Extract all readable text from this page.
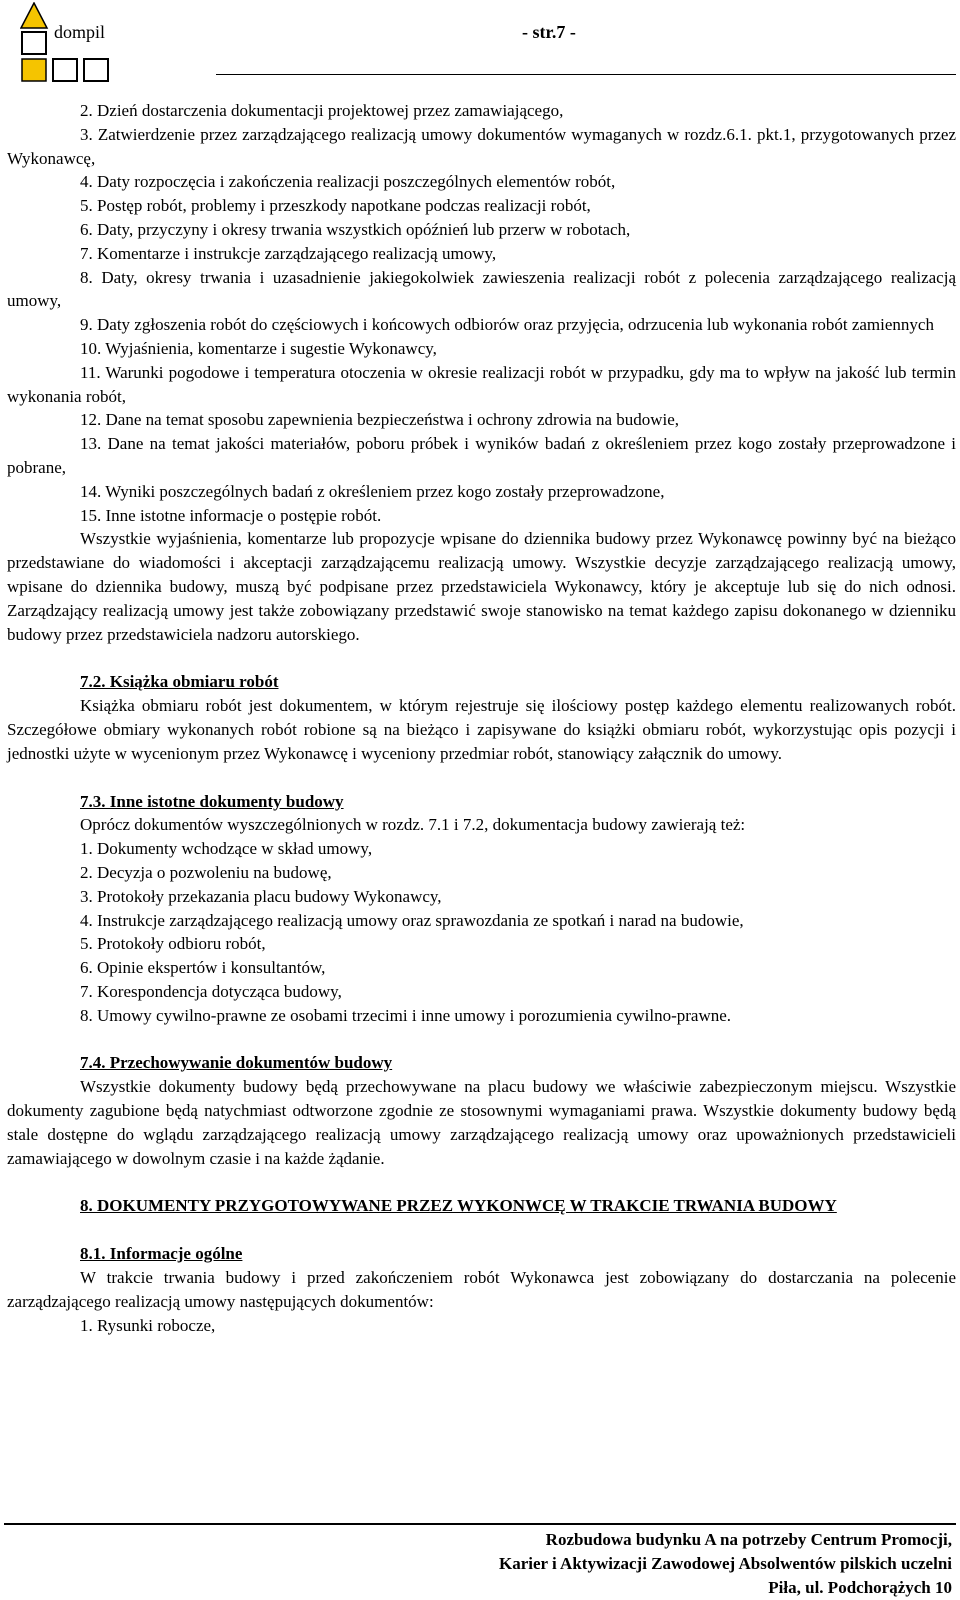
dompil	- str.7 -

2. Dzień dostarczenia dokumentacji projektowej przez zamawiającego,

3. Zatwierdzenie przez zarządzającego realizacją umowy dokumentów wymaganych w rozdz.6.1. pkt.1, przygotowanych przez Wykonawcę,

4. Daty rozpoczęcia i zakończenia realizacji poszczególnych elementów robót,

5. Postęp robót, problemy i przeszkody napotkane podczas realizacji robót,

6. Daty, przyczyny i okresy trwania wszystkich opóźnień lub przerw w robotach,

7. Komentarze i instrukcje zarządzającego realizacją umowy,

8. Daty, okresy trwania i uzasadnienie jakiegokolwiek zawieszenia realizacji robót z polecenia zarządzającego realizacją umowy,

9. Daty zgłoszenia robót do częściowych i końcowych odbiorów oraz przyjęcia, odrzucenia lub wykonania robót zamiennych

10. Wyjaśnienia, komentarze i sugestie Wykonawcy,

11. Warunki pogodowe i temperatura otoczenia w okresie realizacji robót w przypadku, gdy ma to wpływ na jakość lub termin wykonania robót,

12. Dane na temat sposobu zapewnienia bezpieczeństwa i ochrony zdrowia na budowie,

13. Dane na temat jakości materiałów, poboru próbek i wyników badań z określeniem przez kogo zostały przeprowadzone i pobrane,

14. Wyniki poszczególnych badań z określeniem przez kogo zostały przeprowadzone,

15. Inne istotne informacje o postępie robót.

Wszystkie wyjaśnienia, komentarze lub propozycje wpisane do dziennika budowy przez Wykonawcę powinny być na bieżąco przedstawiane do wiadomości i akceptacji zarządzającemu realizacją umowy. Wszystkie decyzje zarządzającego realizacją umowy, wpisane do dziennika budowy, muszą być podpisane przez przedstawiciela Wykonawcy, który je akceptuje lub się do nich odnosi. Zarządzający realizacją umowy jest także zobowiązany przedstawić swoje stanowisko na temat każdego zapisu dokonanego w dzienniku budowy przez przedstawiciela nadzoru autorskiego.

7.2. Książka obmiaru robót

Książka obmiaru robót jest dokumentem, w którym rejestruje się ilościowy postęp każdego elementu realizowanych robót. Szczegółowe obmiary wykonanych robót robione są na bieżąco i zapisywane do książki obmiaru robót, wykorzystując opis pozycji i jednostki użyte w wycenionym przez Wykonawcę i wyceniony przedmiar robót, stanowiący załącznik do umowy.

7.3. Inne istotne dokumenty budowy

Oprócz dokumentów wyszczególnionych w rozdz. 7.1 i 7.2, dokumentacja budowy zawierają też:

1. Dokumenty wchodzące w skład umowy,

2. Decyzja o pozwoleniu na budowę,

3. Protokoły przekazania placu budowy Wykonawcy,

4. Instrukcje zarządzającego realizacją umowy oraz sprawozdania ze spotkań i narad na budowie,

5. Protokoły odbioru robót,

6. Opinie ekspertów i konsultantów,

7. Korespondencja dotycząca budowy,

8. Umowy cywilno-prawne ze osobami trzecimi i inne umowy i porozumienia cywilno-prawne.

7.4. Przechowywanie dokumentów budowy

Wszystkie dokumenty budowy będą przechowywane na placu budowy we właściwie zabezpieczonym miejscu. Wszystkie dokumenty zagubione będą natychmiast odtworzone zgodnie ze stosownymi wymaganiami prawa. Wszystkie dokumenty budowy będą stale dostępne do wglądu zarządzającego realizacją umowy zarządzającego realizacją umowy oraz upoważnionych przedstawicieli zamawiającego w dowolnym czasie i na każde żądanie.

8. DOKUMENTY PRZYGOTOWYWANE PRZEZ WYKONWCĘ W TRAKCIE TRWANIA BUDOWY

8.1. Informacje ogólne

W trakcie trwania budowy i przed zakończeniem robót Wykonawca jest zobowiązany do dostarczania na polecenie zarządzającego realizacją umowy następujących dokumentów:

1. Rysunki robocze,

Rozbudowa budynku A na potrzeby Centrum Promocji,
Karier i Aktywizacji Zawodowej Absolwentów pilskich uczelni
Piła, ul. Podchorążych 10
